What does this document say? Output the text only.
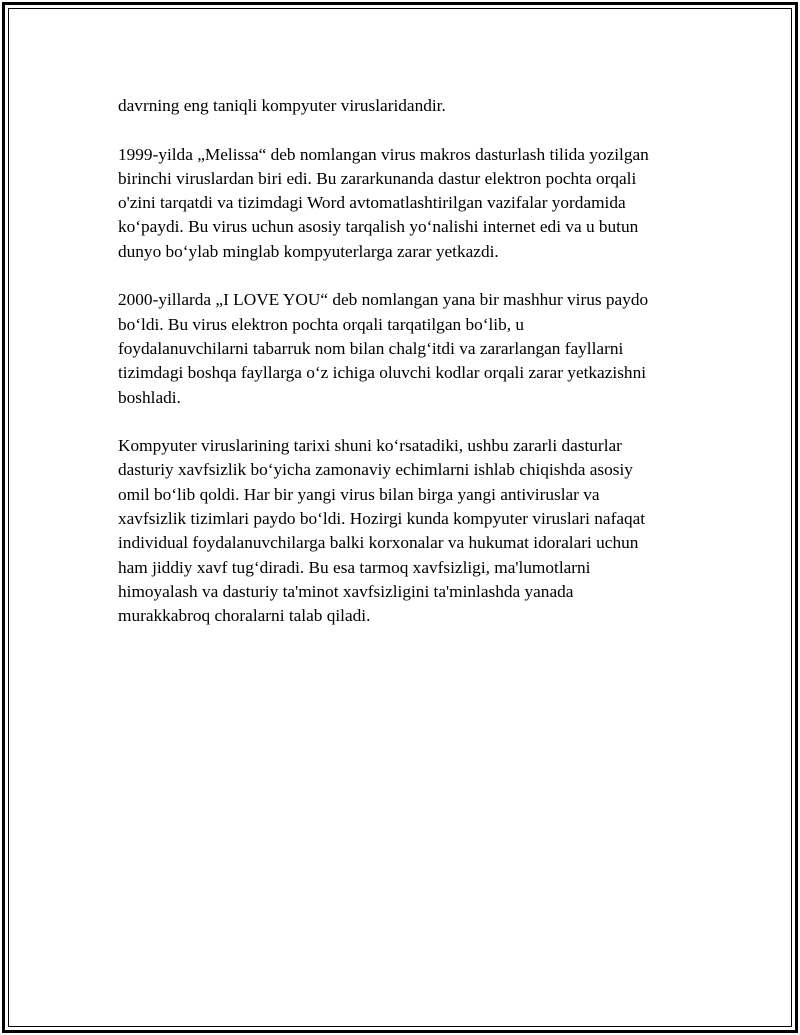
davrning eng taniqli kompyuter viruslaridandir.

1999-yilda „Melissa“ deb nomlangan virus makros dasturlash tilida yozilgan
birinchi viruslardan biri edi. Bu zararkunanda dastur elektron pochta orqali
o'zini tarqatdi va tizimdagi Word avtomatlashtirilgan vazifalar yordamida
ko‘paydi. Bu virus uchun asosiy tarqalish yo‘nalishi internet edi va u butun
dunyo bo‘ylab minglab kompyuterlarga zarar yetkazdi.

2000-yillarda „I LOVE YOU“ deb nomlangan yana bir mashhur virus paydo
bo‘ldi. Bu virus elektron pochta orqali tarqatilgan bo‘lib, u
foydalanuvchilarni tabarruk nom bilan chalg‘itdi va zararlangan fayllarni
tizimdagi boshqa fayllarga o‘z ichiga oluvchi kodlar orqali zarar yetkazishni
boshladi.

Kompyuter viruslarining tarixi shuni ko‘rsatadiki, ushbu zararli dasturlar
dasturiy xavfsizlik bo‘yicha zamonaviy echimlarni ishlab chiqishda asosiy
omil bo‘lib qoldi. Har bir yangi virus bilan birga yangi antiviruslar va
xavfsizlik tizimlari paydo bo‘ldi. Hozirgi kunda kompyuter viruslari nafaqat
individual foydalanuvchilarga balki korxonalar va hukumat idoralari uchun
ham jiddiy xavf tug‘diradi. Bu esa tarmoq xavfsizligi, ma'lumotlarni
himoyalash va dasturiy ta'minot xavfsizligini ta'minlashda yanada
murakkabroq choralarni talab qiladi.
